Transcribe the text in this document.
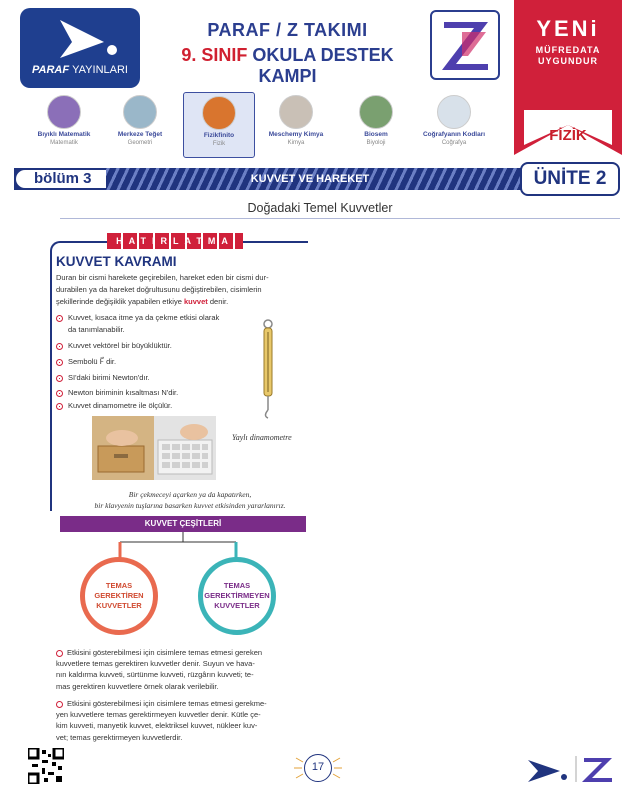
PARAF YAYINLARI
PARAF / Z TAKIMI
9. SINIF OKULA DESTEK KAMPI
YENi
MÜFREDATA
UYGUNDUR
FİZİK
Bıyıklı Matematik
Matematik
Merkeze Teğet
Geometri
Fizikfinito
Fizik
Meschemy Kimya
Kimya
Biosem
Biyoloji
Coğrafyanın Kodları
Coğrafya
bölüm 3	KUVVET VE HAREKET	ÜNİTE 2
Doğadaki Temel Kuvvetler
HATIRLATMA
KUVVET KAVRAMI
Duran bir cismi harekete geçirebilen, hareket eden bir cismi dur-
durabilen ya da hareket doğrultusunu değiştirebilen, cisimlerin
şekillerinde değişiklik yapabilen etkiye kuvvet denir.
Kuvvet, kısaca itme ya da çekme etkisi olarak
da tanımlanabilir.
Kuvvet vektörel bir büyüklüktür.
Sembolü F⃗ dir.
SI'daki birimi Newton'dır.
Newton biriminin kısaltması N'dir.
Kuvvet dinamometre ile ölçülür.
Yaylı dinamometre
Bir çekmeceyi açarken ya da kapatırken,
bir klavyenin tuşlarına basarken kuvvet etkisinden yararlanırız.
KUVVET ÇEŞİTLERİ
TEMAS
GEREKTİREN
KUVVETLER
TEMAS
GEREKTİRMEYEN
KUVVETLER
Etkisini gösterebilmesi için cisimlere temas etmesi gereken
kuvvetlere temas gerektiren kuvvetler denir. Suyun ve hava-
nın kaldırma kuvveti, sürtünme kuvveti, rüzgârın kuvveti; te-
mas gerektiren kuvvetlere örnek olarak verilebilir.
Etkisini gösterebilmesi için cisimlere temas etmesi gerekme-
yen kuvvetlere temas gerektirmeyen kuvvetler denir. Kütle çe-
kim kuvveti, manyetik kuvvet, elektriksel kuvvet, nükleer kuv-
vet; temas gerektirmeyen kuvvetlerdir.
17
